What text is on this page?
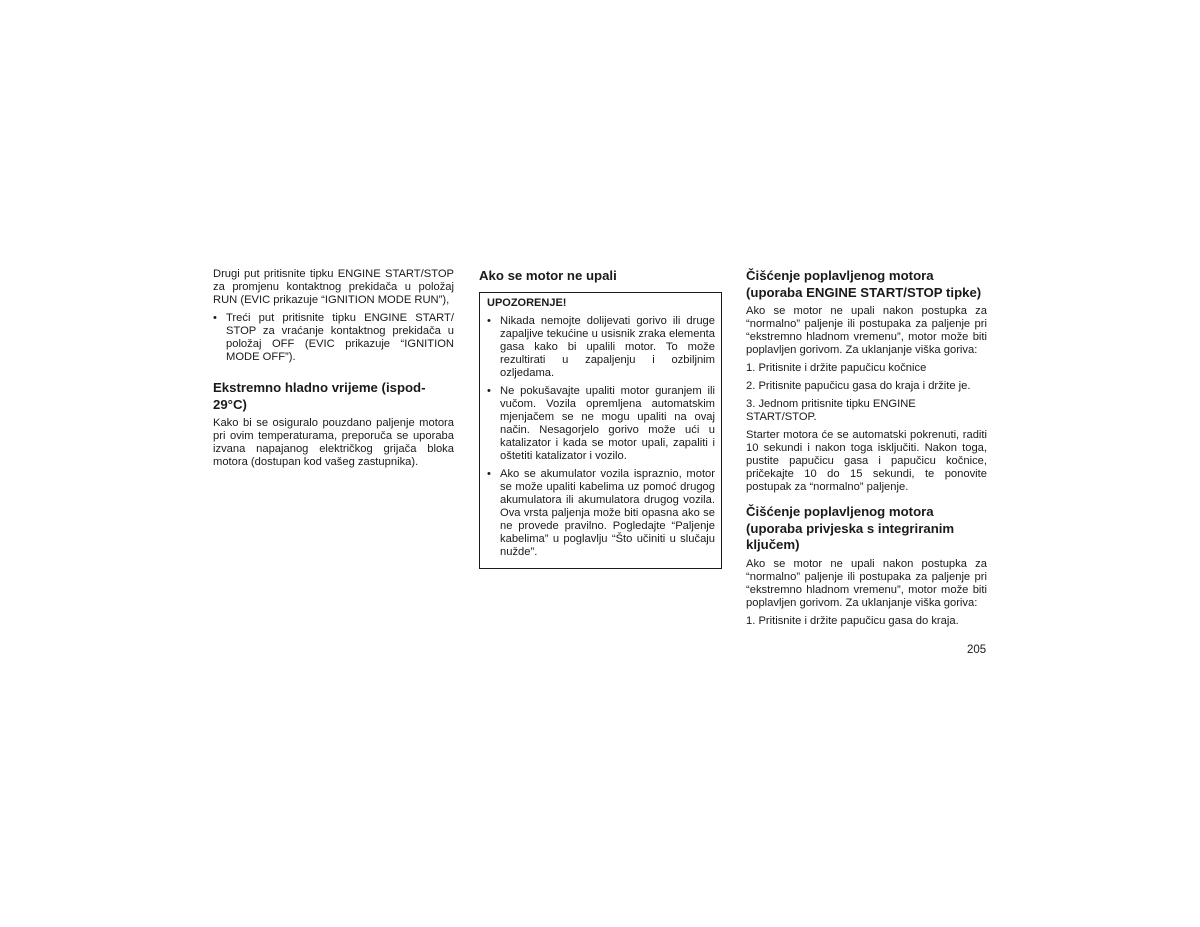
Drugi put pritisnite tipku ENGINE START/STOP za promjenu kontaktnog prekidača u položaj RUN (EVIC prikazuje “IGNITION MODE RUN”),

• Treći put pritisnite tipku ENGINE START/ STOP za vraćanje kontaktnog prekidača u položaj OFF (EVIC prikazuje “IGNITION MODE OFF”).
Ekstremno hladno vrijeme (ispod-29°C)

Kako bi se osiguralo pouzdano paljenje motora pri ovim temperaturama, preporuča se uporaba izvana napajanog električkog grijača bloka motora (dostupan kod vašeg zastupnika).

Ako se motor ne upali
UPOZORENJE!
• Nikada nemojte dolijevati gorivo ili druge zapaljive tekućine u usisnik zraka elementa gasa kako bi upalili motor. To može rezultirati u zapaljenju i ozbiljnim ozljedama.
• Ne pokušavajte upaliti motor guranjem ili vučom. Vozila opremljena automatskim mjenjačem se ne mogu upaliti na ovaj način. Nesagorjelo gorivo može ući u katalizator i kada se motor upali, zapaliti i oštetiti katalizator i vozilo.
• Ako se akumulator vozila ispraznio, motor se može upaliti kabelima uz pomoć drugog akumulatora ili akumulatora drugog vozila. Ova vrsta paljenja može biti opasna ako se ne provede pravilno. Pogledajte “Paljenje kabelima” u poglavlju “Što učiniti u slučaju nužde”.
Čišćenje poplavljenog motora (uporaba ENGINE START/STOP tipke)

Ako se motor ne upali nakon postupka za “normalno” paljenje ili postupaka za paljenje pri “ekstremno hladnom vremenu”, motor može biti poplavljen gorivom. Za uklanjanje viška goriva:

1. Pritisnite i držite papučicu kočnice

2. Pritisnite papučicu gasa do kraja i držite je.

3. Jednom pritisnite tipku ENGINE START/STOP.

Starter motora će se automatski pokrenuti, raditi 10 sekundi i nakon toga isključiti. Nakon toga, pustite papučicu gasa i papučicu kočnice, pričekajte 10 do 15 sekundi, te ponovite postupak za “normalno” paljenje.

Čišćenje poplavljenog motora (uporaba privjeska s integriranim ključem)

Ako se motor ne upali nakon postupka za “normalno” paljenje ili postupaka za paljenje pri “ekstremno hladnom vremenu”, motor može biti poplavljen gorivom. Za uklanjanje viška goriva:

1. Pritisnite i držite papučicu gasa do kraja.

205
